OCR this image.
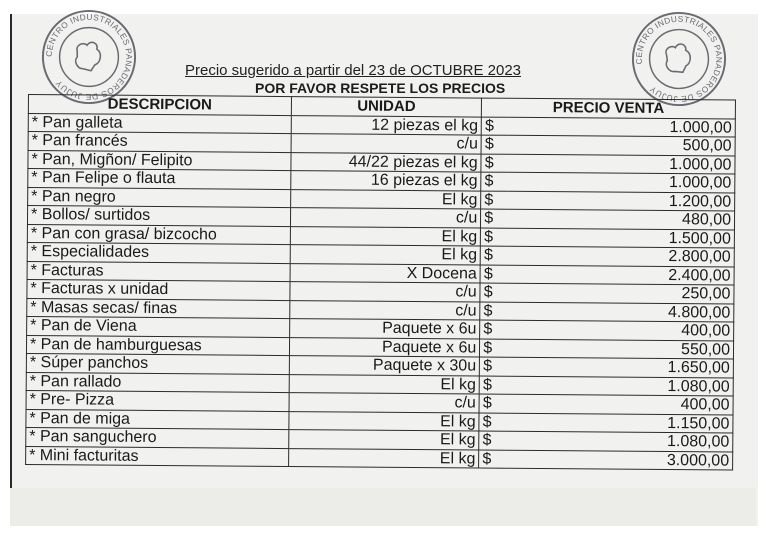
CENTRO INDUSTRIALES PANADEROS DE JUJUY
CENTRO INDUSTRIALES PANADEROS DE JUJUY
Precio sugerido a partir del 23 de OCTUBRE 2023
POR FAVOR RESPETE LOS PRECIOS
DESCRIPCION	UNIDAD	PRECIO VENTA	
* Pan galleta	12 piezas el kg	$	1.000,00
* Pan francés	c/u	$	500,00
* Pan, Migñon/ Felipito	44/22 piezas el kg	$	1.000,00
* Pan Felipe o flauta	16 piezas el kg	$	1.000,00
* Pan negro	El kg	$	1.200,00
* Bollos/ surtidos	c/u	$	480,00
* Pan con grasa/ bizcocho	El kg	$	1.500,00
* Especialidades	El kg	$	2.800,00
* Facturas	X Docena	$	2.400,00
* Facturas x unidad	c/u	$	250,00
* Masas secas/ finas	c/u	$	4.800,00
* Pan de Viena	Paquete x 6u	$	400,00
* Pan de hamburguesas	Paquete x 6u	$	550,00
* Súper panchos	Paquete x 30u	$	1.650,00
* Pan rallado	El kg	$	1.080,00
* Pre- Pizza	c/u	$	400,00
* Pan de miga	El kg	$	1.150,00
* Pan sanguchero	El kg	$	1.080,00
* Mini facturitas	El kg	$	3.000,00
